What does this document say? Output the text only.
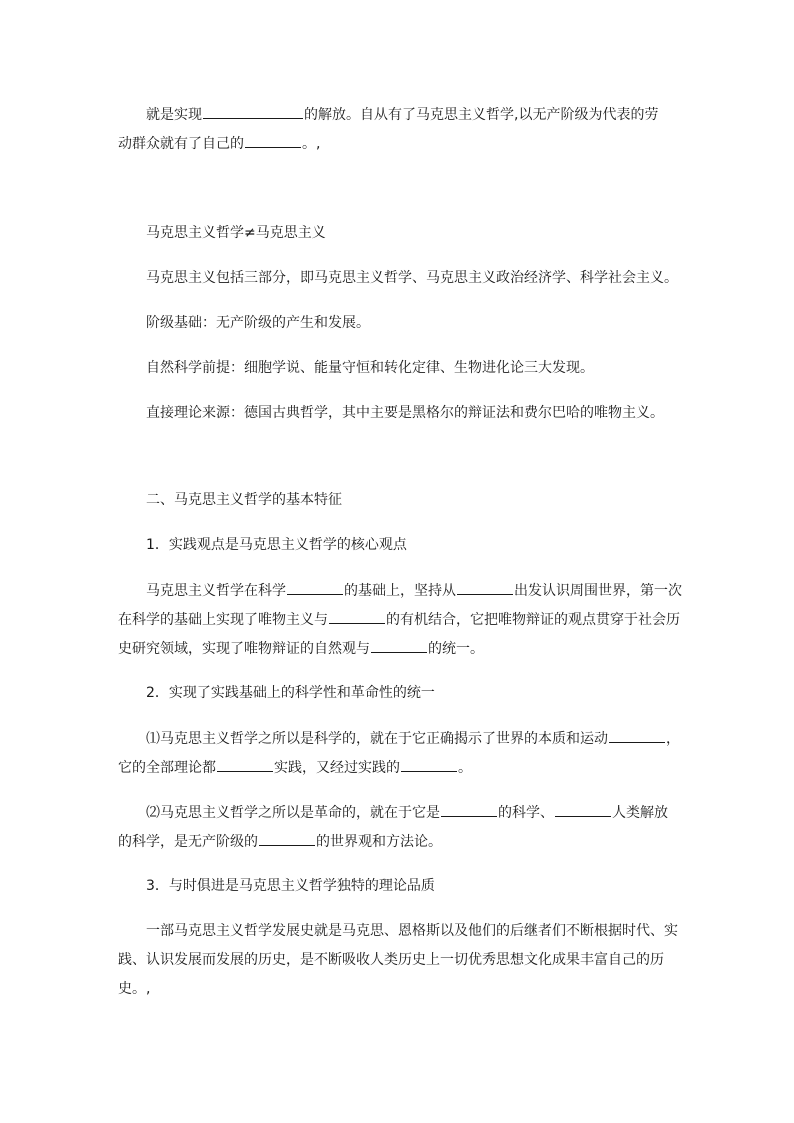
就是实现	的解放。自从有了马克思主义哲学,以无产阶级为代表的劳
动群众就有了自己的	。,
马克思主义哲学≠马克思主义
马克思主义包括三部分，即马克思主义哲学、马克思主义政治经济学、科学社会主义。
阶级基础：无产阶级的产生和发展。
自然科学前提：细胞学说、能量守恒和转化定律、生物进化论三大发现。
直接理论来源：德国古典哲学，其中主要是黑格尔的辩证法和费尔巴哈的唯物主义。
二、马克思主义哲学的基本特征
1．实践观点是马克思主义哲学的核心观点
马克思主义哲学在科学	的基础上，坚持从	出发认识周围世界，第一次
在科学的基础上实现了唯物主义与	的有机结合，它把唯物辩证的观点贯穿于社会历
史研究领域，实现了唯物辩证的自然观与	的统一。
2．实现了实践基础上的科学性和革命性的统一
⑴马克思主义哲学之所以是科学的，就在于它正确揭示了世界的本质和运动	，
它的全部理论都	实践，又经过实践的	。
⑵马克思主义哲学之所以是革命的，就在于它是	的科学、	人类解放
的科学，是无产阶级的	的世界观和方法论。
3．与时俱进是马克思主义哲学独特的理论品质
一部马克思主义哲学发展史就是马克思、恩格斯以及他们的后继者们不断根据时代、实
践、认识发展而发展的历史，是不断吸收人类历史上一切优秀思想文化成果丰富自己的历
史。,
